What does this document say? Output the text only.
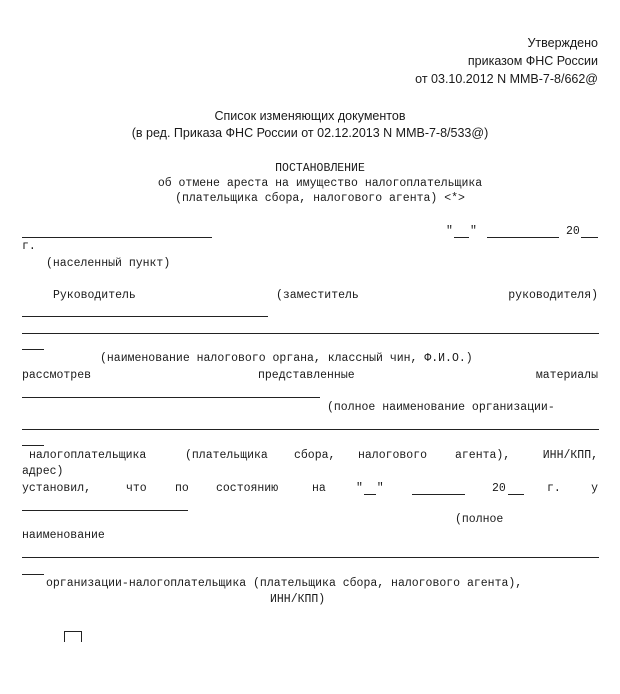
Утверждено
приказом ФНС России
от 03.10.2012 N ММВ-7-8/662@
Список изменяющих документов
(в ред. Приказа ФНС России от 02.12.2013 N ММВ-7-8/533@)
ПОСТАНОВЛЕНИЕ
об отмене ареста на имущество налогоплательщика
(плательщика сбора, налогового агента) <*>
" "	20
г.
(населенный пункт)
Руководитель	(заместитель	руководителя)
(наименование налогового органа, классный чин, Ф.И.О.)
рассмотрев	представленные	материалы
(полное наименование организации-
налогоплательщика	(плательщика сбора, налогового агента),	ИНН/КПП,
адрес)
установил,	что по состоянию	на	"  "	20	г.	у
(полное
наименование
организации-налогоплательщика (плательщика сбора, налогового агента),
ИНН/КПП)
